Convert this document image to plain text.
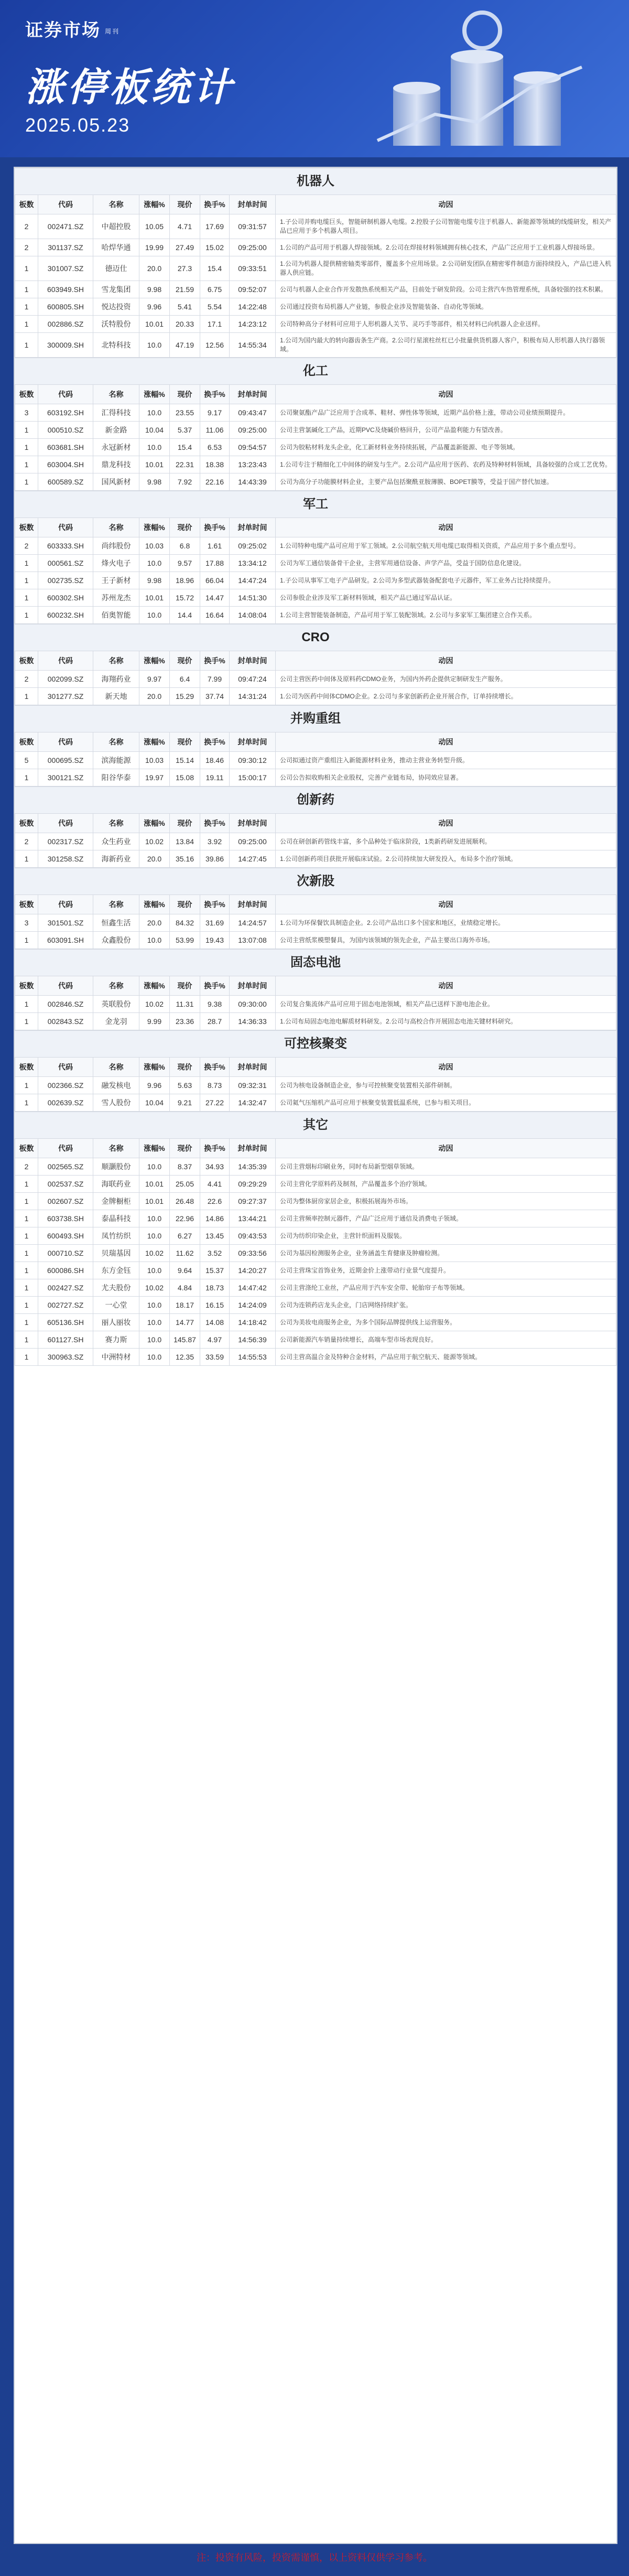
证券市场 周刊
涨停板统计
2025.05.23
机器人
板数	代码	名称	涨幅%	现价	换手%	封单时间	动因
2	002471.SZ	中超控股	10.05	4.71	17.69	09:31:57	1.子公司并购电缆巨头，智能研制机器人电缆。2.控股子公司智能电缆专注于机器人、新能源等领域的线缆研发，相关产品已应用于多个机器人项目。
2	301137.SZ	哈焊华通	19.99	27.49	15.02	09:25:00	1.公司的产品可用于机器人焊接领域。2.公司在焊接材料领域拥有核心技术，产品广泛应用于工业机器人焊接场景。
1	301007.SZ	德迈仕	20.0	27.3	15.4	09:33:51	1.公司为机器人提供精密轴类零部件，覆盖多个应用场景。2.公司研发团队在精密零件制造方面持续投入，产品已进入机器人供应链。
1	603949.SH	雪龙集团	9.98	21.59	6.75	09:52:07	公司与机器人企业合作开发散热系统相关产品，目前处于研发阶段。公司主营汽车热管理系统，具备较强的技术积累。
1	600805.SH	悦达投资	9.96	5.41	5.54	14:22:48	公司通过投资布局机器人产业链，参股企业涉及智能装备、自动化等领域。
1	002886.SZ	沃特股份	10.01	20.33	17.1	14:23:12	公司特种高分子材料可应用于人形机器人关节、灵巧手等部件，相关材料已向机器人企业送样。
1	300009.SH	北特科技	10.0	47.19	12.56	14:55:34	1.公司为国内最大的转向器齿条生产商。2.公司行星滚柱丝杠已小批量供货机器人客户，积极布局人形机器人执行器领域。
化工
板数	代码	名称	涨幅%	现价	换手%	封单时间	动因
3	603192.SH	汇得科技	10.0	23.55	9.17	09:43:47	公司聚氨酯产品广泛应用于合成革、鞋材、弹性体等领域，近期产品价格上涨，带动公司业绩预期提升。
1	000510.SZ	新金路	10.04	5.37	11.06	09:25:00	公司主营氯碱化工产品，近期PVC及烧碱价格回升，公司产品盈利能力有望改善。
1	603681.SH	永冠新材	10.0	15.4	6.53	09:54:57	公司为胶粘材料龙头企业，化工新材料业务持续拓展，产品覆盖新能源、电子等领域。
1	603004.SH	鼎龙科技	10.01	22.31	18.38	13:23:43	1.公司专注于精细化工中间体的研发与生产。2.公司产品应用于医药、农药及特种材料领域，具备较强的合成工艺优势。
1	600589.SZ	国风新材	9.98	7.92	22.16	14:43:39	公司为高分子功能膜材料企业，主要产品包括聚酰亚胺薄膜、BOPET膜等，受益于国产替代加速。
军工
板数	代码	名称	涨幅%	现价	换手%	封单时间	动因
2	603333.SH	尚纬股份	10.03	6.8	1.61	09:25:02	1.公司特种电缆产品可应用于军工领域。2.公司航空航天用电缆已取得相关资质，产品应用于多个重点型号。
1	000561.SZ	烽火电子	10.0	9.57	17.88	13:34:12	公司为军工通信装备骨干企业，主营军用通信设备、声学产品，受益于国防信息化建设。
1	002735.SZ	王子新材	9.98	18.96	66.04	14:47:24	1.子公司从事军工电子产品研发。2.公司为多型武器装备配套电子元器件，军工业务占比持续提升。
1	600302.SH	苏州龙杰	10.01	15.72	14.47	14:51:30	公司参股企业涉及军工新材料领域，相关产品已通过军品认证。
1	600232.SH	佰奥智能	10.0	14.4	16.64	14:08:04	1.公司主营智能装备制造，产品可用于军工装配领域。2.公司与多家军工集团建立合作关系。
CRO
板数	代码	名称	涨幅%	现价	换手%	封单时间	动因
2	002099.SZ	海翔药业	9.97	6.4	7.99	09:47:24	公司主营医药中间体及原料药CDMO业务，为国内外药企提供定制研发生产服务。
1	301277.SZ	新天地	20.0	15.29	37.74	14:31:24	1.公司为医药中间体CDMO企业。2.公司与多家创新药企业开展合作，订单持续增长。
并购重组
板数	代码	名称	涨幅%	现价	换手%	封单时间	动因
5	000695.SZ	滨海能源	10.03	15.14	18.46	09:30:12	公司拟通过资产重组注入新能源材料业务，推动主营业务转型升级。
1	300121.SZ	阳谷华泰	19.97	15.08	19.11	15:00:17	公司公告拟收购相关企业股权，完善产业链布局，协同效应显著。
创新药
板数	代码	名称	涨幅%	现价	换手%	封单时间	动因
2	002317.SZ	众生药业	10.02	13.84	3.92	09:25:00	公司在研创新药管线丰富，多个品种处于临床阶段，1类新药研发进展顺利。
1	301258.SZ	海新药业	20.0	35.16	39.86	14:27:45	1.公司创新药项目获批开展临床试验。2.公司持续加大研发投入，布局多个治疗领域。
次新股
板数	代码	名称	涨幅%	现价	换手%	封单时间	动因
3	301501.SZ	恒鑫生活	20.0	84.32	31.69	14:24:57	1.公司为环保餐饮具制造企业。2.公司产品出口多个国家和地区，业绩稳定增长。
1	603091.SH	众鑫股份	10.0	53.99	19.43	13:07:08	公司主营纸浆模塑餐具，为国内该领域的领先企业，产品主要出口海外市场。
固态电池
板数	代码	名称	涨幅%	现价	换手%	封单时间	动因
1	002846.SZ	英联股份	10.02	11.31	9.38	09:30:00	公司复合集流体产品可应用于固态电池领域，相关产品已送样下游电池企业。
1	002843.SZ	金龙羽	9.99	23.36	28.7	14:36:33	1.公司布局固态电池电解质材料研发。2.公司与高校合作开展固态电池关键材料研究。
可控核聚变
板数	代码	名称	涨幅%	现价	换手%	封单时间	动因
1	002366.SZ	融发核电	9.96	5.63	8.73	09:32:31	公司为核电设备制造企业，参与可控核聚变装置相关部件研制。
1	002639.SZ	雪人股份	10.04	9.21	27.22	14:32:47	公司氦气压缩机产品可应用于核聚变装置低温系统，已参与相关项目。
其它
板数	代码	名称	涨幅%	现价	换手%	封单时间	动因
2	002565.SZ	顺灏股份	10.0	8.37	34.93	14:35:39	公司主营烟标印刷业务，同时布局新型烟草领域。
1	002537.SZ	海联药业	10.01	25.05	4.41	09:29:29	公司主营化学原料药及制剂，产品覆盖多个治疗领域。
1	002607.SZ	金牌橱柜	10.01	26.48	22.6	09:27:37	公司为整体厨房家居企业，积极拓展海外市场。
1	603738.SH	泰晶科技	10.0	22.96	14.86	13:44:21	公司主营频率控制元器件，产品广泛应用于通信及消费电子领域。
1	600493.SH	凤竹纺织	10.0	6.27	13.45	09:43:53	公司为纺织印染企业，主营针织面料及服装。
1	000710.SZ	贝瑞基因	10.02	11.62	3.52	09:33:56	公司为基因检测服务企业，业务涵盖生育健康及肿瘤检测。
1	600086.SH	东方金钰	10.0	9.64	15.37	14:20:27	公司主营珠宝首饰业务，近期金价上涨带动行业景气度提升。
1	002427.SZ	尤夫股份	10.02	4.84	18.73	14:47:42	公司主营涤纶工业丝，产品应用于汽车安全带、轮胎帘子布等领域。
1	002727.SZ	一心堂	10.0	18.17	16.15	14:24:09	公司为连锁药店龙头企业，门店网络持续扩张。
1	605136.SH	丽人丽妆	10.0	14.77	14.08	14:18:42	公司为美妆电商服务企业，为多个国际品牌提供线上运营服务。
1	601127.SH	赛力斯	10.0	145.87	4.97	14:56:39	公司新能源汽车销量持续增长，高端车型市场表现良好。
1	300963.SZ	中洲特材	10.0	12.35	33.59	14:55:53	公司主营高温合金及特种合金材料，产品应用于航空航天、能源等领域。
注：投资有风险，投资需谨慎，以上资料仅供学习参考。
